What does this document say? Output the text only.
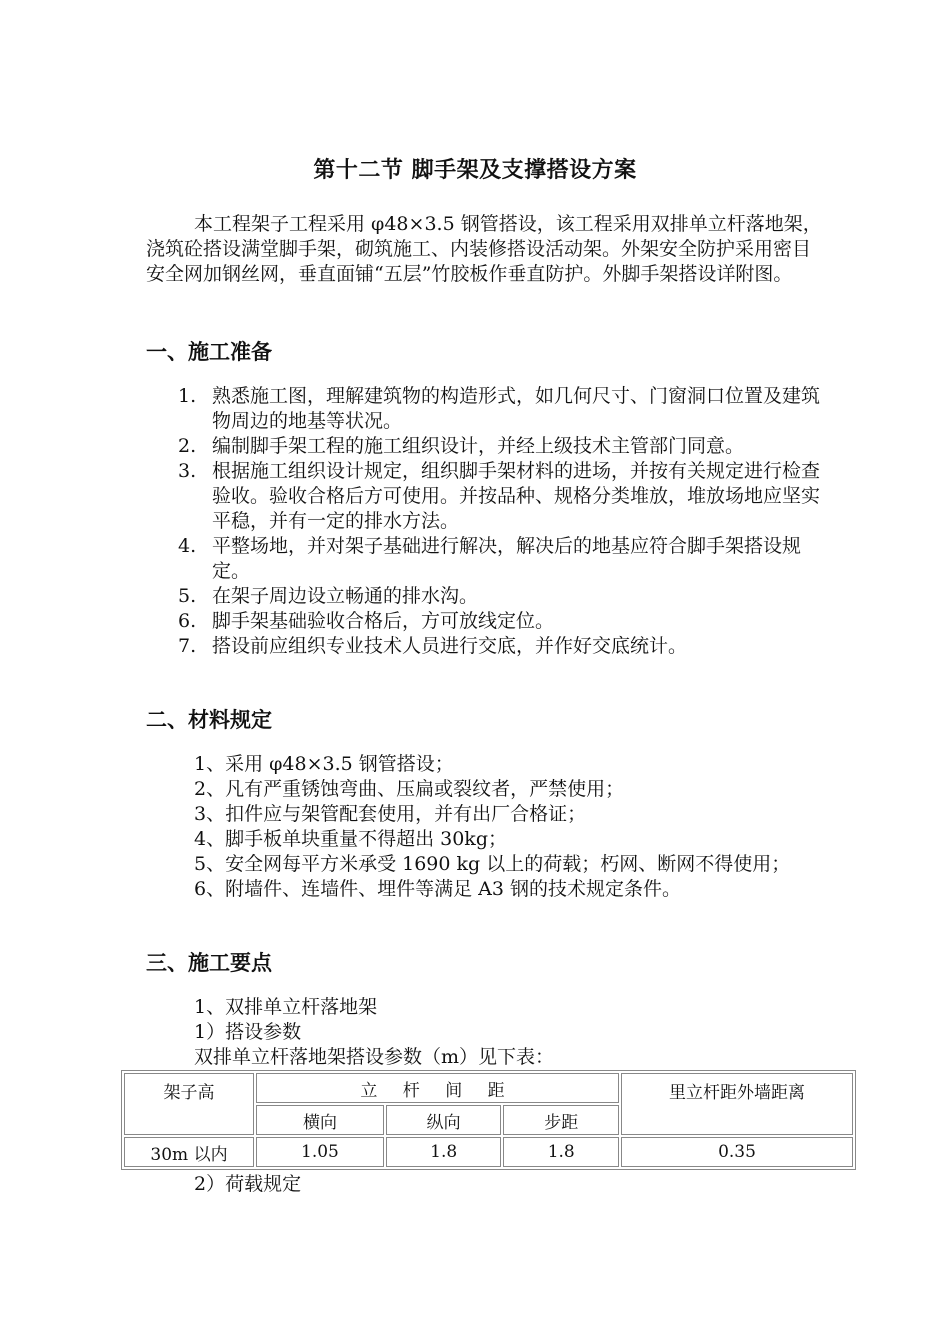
第十二节 脚手架及支撑搭设方案
本工程架子工程采用 φ48×3.5 钢管搭设，该工程采用双排单立杆落地架，浇筑砼搭设满堂脚手架，砌筑施工、内装修搭设活动架。外架安全防护采用密目安全网加钢丝网，垂直面铺“五层”竹胶板作垂直防护。外脚手架搭设详附图。
一、施工准备
1. 熟悉施工图，理解建筑物的构造形式，如几何尺寸、门窗洞口位置及建筑物周边的地基等状况。
2. 编制脚手架工程的施工组织设计，并经上级技术主管部门同意。
3. 根据施工组织设计规定，组织脚手架材料的进场，并按有关规定进行检查验收。验收合格后方可使用。并按品种、规格分类堆放，堆放场地应坚实平稳，并有一定的排水方法。
4. 平整场地，并对架子基础进行解决，解决后的地基应符合脚手架搭设规定。
5. 在架子周边设立畅通的排水沟。
6. 脚手架基础验收合格后，方可放线定位。
7. 搭设前应组织专业技术人员进行交底，并作好交底统计。
二、材料规定
1、采用 φ48×3.5 钢管搭设；
2、凡有严重锈蚀弯曲、压扁或裂纹者，严禁使用；
3、扣件应与架管配套使用，并有出厂合格证；
4、脚手板单块重量不得超出 30kg；
5、安全网每平方米承受 1690 kg 以上的荷载；朽网、断网不得使用；
6、附墙件、连墙件、埋件等满足 A3 钢的技术规定条件。
三、施工要点
1、双排单立杆落地架
1）搭设参数
双排单立杆落地架搭设参数（m）见下表：
架子高	立 杆 间 距			里立杆距外墙距离
	横向	纵向	步距	
30m 以内	1.05	1.8	1.8	0.35
2）荷载规定
